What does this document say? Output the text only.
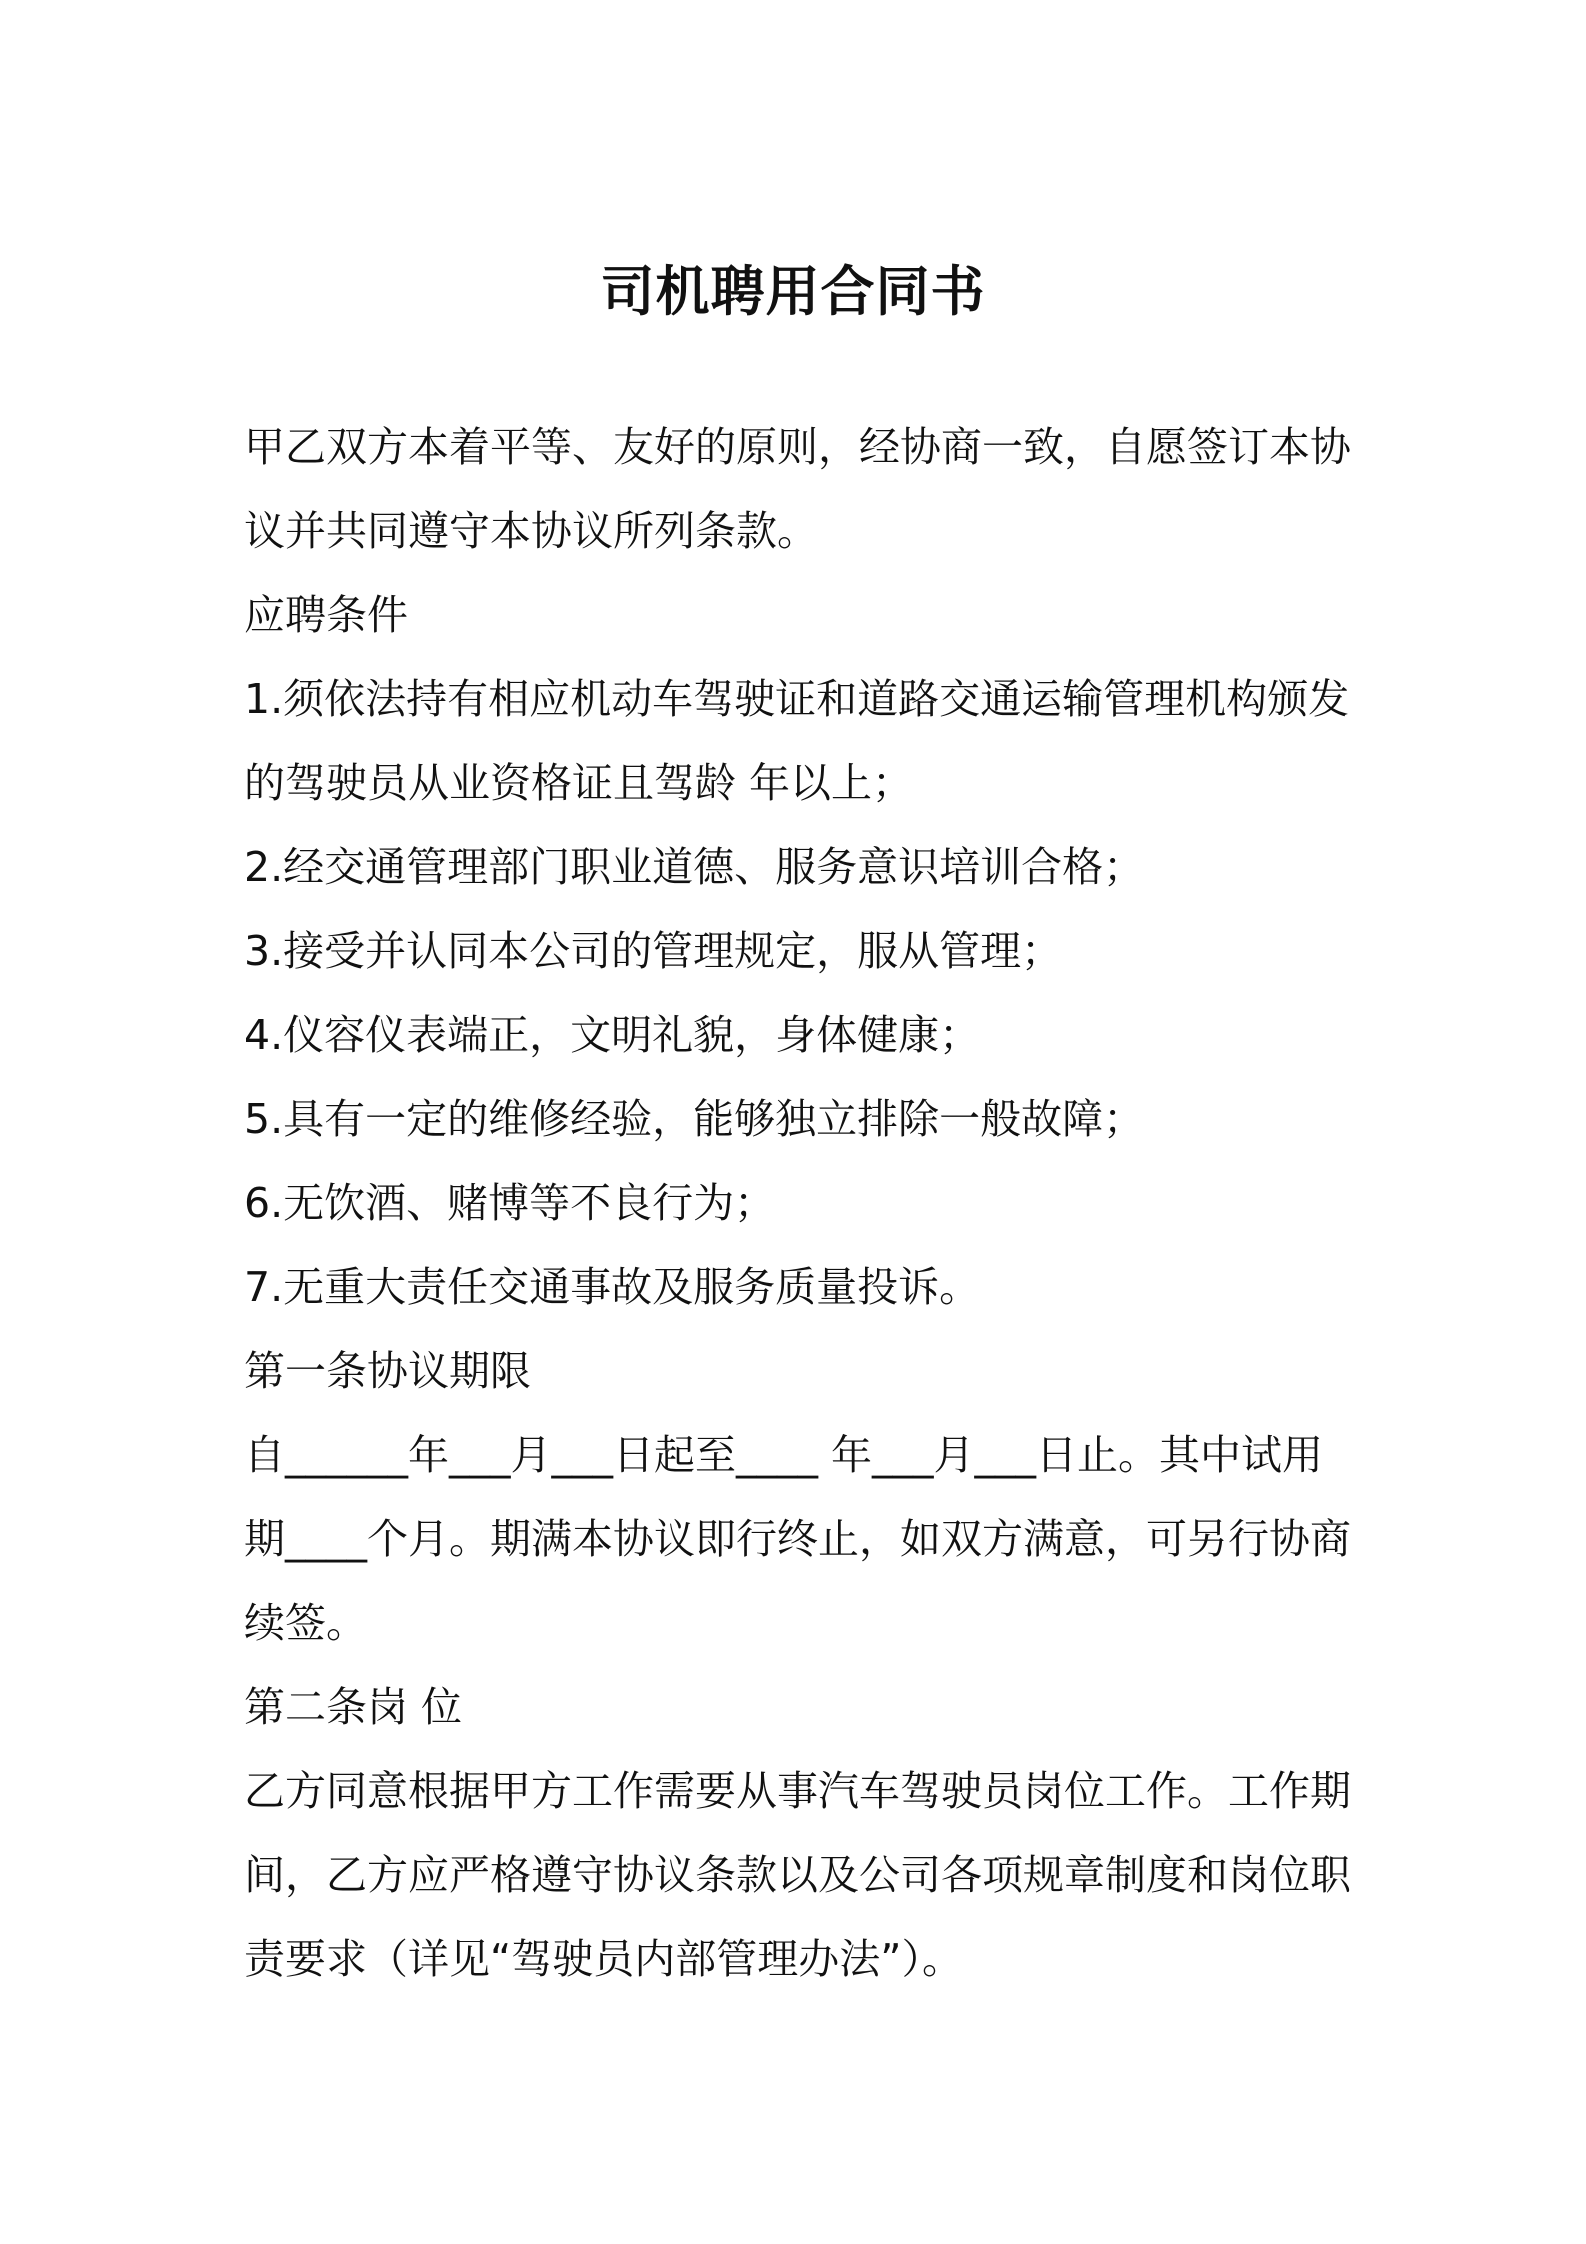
司机聘用合同书

甲乙双方本着平等、友好的原则，经协商一致，自愿签订本协议并共同遵守本协议所列条款。

应聘条件

1.须依法持有相应机动车驾驶证和道路交通运输管理机构颁发的驾驶员从业资格证且驾龄 年以上；

2.经交通管理部门职业道德、服务意识培训合格；

3.接受并认同本公司的管理规定，服从管理；

4.仪容仪表端正，文明礼貌，身体健康；

5.具有一定的维修经验，能够独立排除一般故障；

6.无饮酒、赌博等不良行为；

7.无重大责任交通事故及服务质量投诉。

第一条协议期限

自______年___月___日起至____ 年___月___日止。其中试用期____个月。期满本协议即行终止，如双方满意，可另行协商续签。

第二条岗 位

乙方同意根据甲方工作需要从事汽车驾驶员岗位工作。工作期间，乙方应严格遵守协议条款以及公司各项规章制度和岗位职责要求（详见“驾驶员内部管理办法”）。
